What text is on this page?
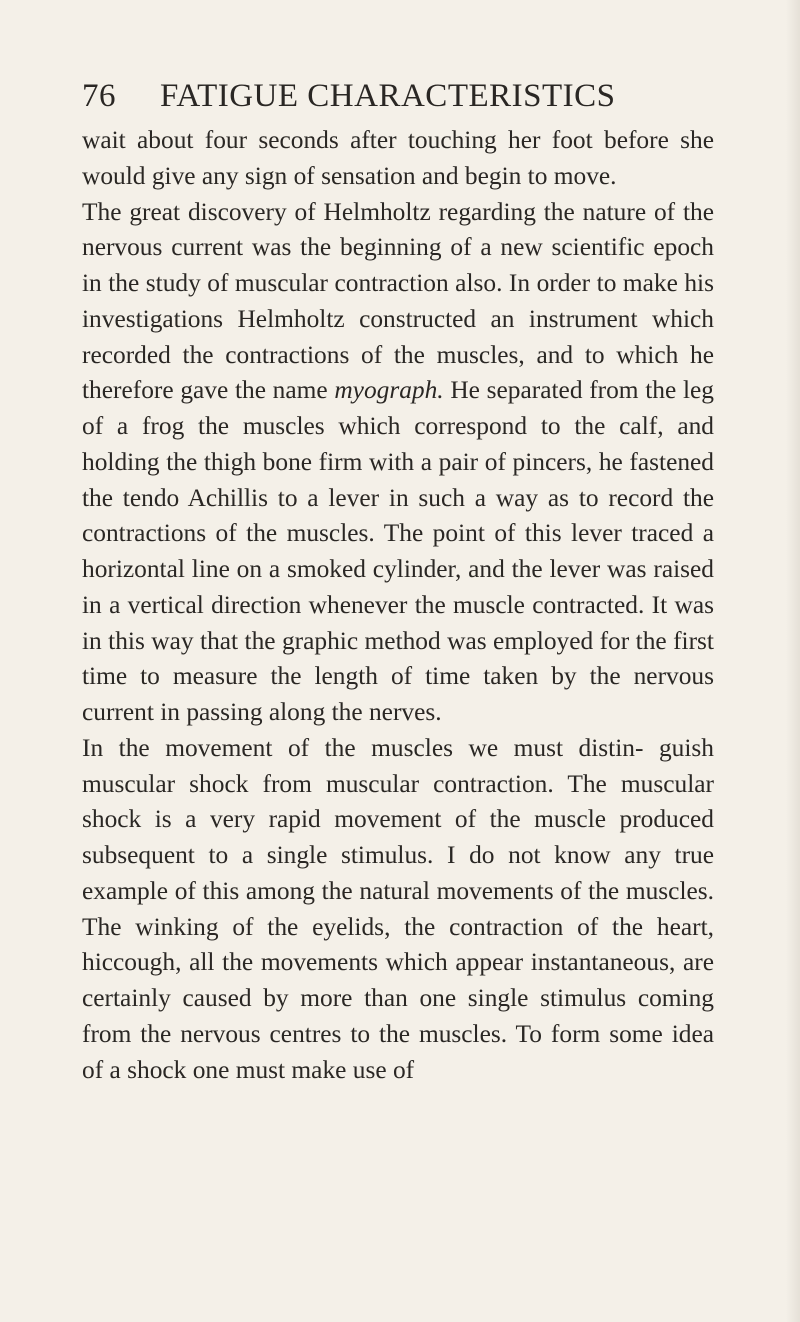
76 FATIGUE CHARACTERISTICS

wait about four seconds after touching her foot before she would give any sign of sensation and begin to move.

The great discovery of Helmholtz regarding the nature of the nervous current was the beginning of a new scientific epoch in the study of muscular contraction also. In order to make his investigations Helmholtz constructed an instrument which recorded the contractions of the muscles, and to which he therefore gave the name myograph. He separated from the leg of a frog the muscles which correspond to the calf, and holding the thigh bone firm with a pair of pincers, he fastened the tendo Achillis to a lever in such a way as to record the contractions of the muscles. The point of this lever traced a horizontal line on a smoked cylinder, and the lever was raised in a vertical direction whenever the muscle contracted. It was in this way that the graphic method was employed for the first time to measure the length of time taken by the nervous current in passing along the nerves.

In the movement of the muscles we must distin- guish muscular shock from muscular contraction. The muscular shock is a very rapid movement of the muscle produced subsequent to a single stimulus. I do not know any true example of this among the natural movements of the muscles. The winking of the eyelids, the contraction of the heart, hiccough, all the movements which appear instantaneous, are certainly caused by more than one single stimulus coming from the nervous centres to the muscles. To form some idea of a shock one must make use of
